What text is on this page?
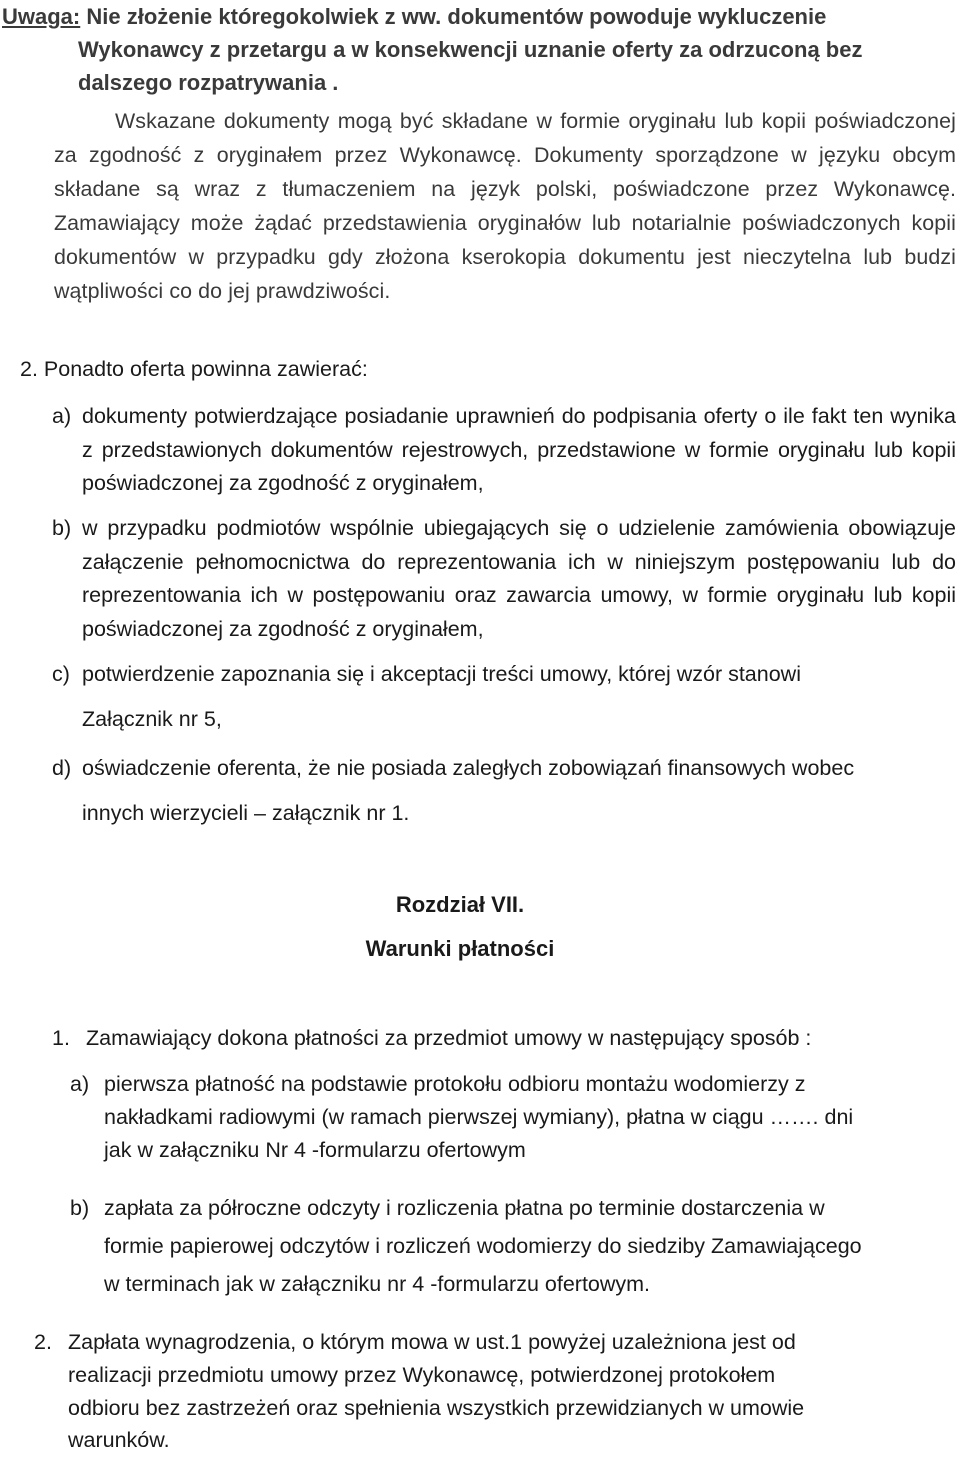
Uwaga: Nie złożenie któregokolwiek z ww. dokumentów powoduje wykluczenie
Wykonawcy z przetargu a w konsekwencji uznanie oferty za odrzuconą bez
dalszego rozpatrywania .
Wskazane dokumenty mogą być składane w formie oryginału lub kopii poświadczonej za zgodność z oryginałem przez Wykonawcę. Dokumenty sporządzone w języku obcym składane są wraz z tłumaczeniem na język polski, poświadczone przez Wykonawcę. Zamawiający może żądać przedstawienia oryginałów lub notarialnie poświadczonych kopii dokumentów w przypadku gdy złożona kserokopia dokumentu jest nieczytelna lub budzi wątpliwości co do jej prawdziwości.
2. Ponadto oferta powinna zawierać:
a) dokumenty potwierdzające posiadanie uprawnień do podpisania oferty o ile fakt ten wynika z przedstawionych dokumentów rejestrowych, przedstawione w formie oryginału lub kopii poświadczonej za zgodność z oryginałem,
b) w przypadku podmiotów wspólnie ubiegających się o udzielenie zamówienia obowiązuje załączenie pełnomocnictwa do reprezentowania ich w niniejszym postępowaniu lub do reprezentowania ich w postępowaniu oraz zawarcia umowy, w formie oryginału lub kopii poświadczonej za zgodność z oryginałem,
c) potwierdzenie zapoznania się i akceptacji treści umowy, której wzór stanowi
Załącznik nr 5,
d) oświadczenie oferenta, że nie posiada zaległych zobowiązań finansowych wobec
innych wierzycieli – załącznik nr 1.
Rozdział VII.
Warunki płatności
1. Zamawiający dokona płatności za przedmiot umowy w następujący sposób :
a) pierwsza płatność na podstawie protokołu odbioru montażu wodomierzy z
nakładkami radiowymi (w ramach pierwszej wymiany), płatna w ciągu ……. dni
jak w załączniku Nr 4 -formularzu ofertowym
b) zapłata za półroczne odczyty i rozliczenia płatna po terminie dostarczenia w
formie papierowej odczytów i rozliczeń wodomierzy do siedziby Zamawiającego
w terminach jak w załączniku nr 4 -formularzu ofertowym.
2. Zapłata wynagrodzenia, o którym mowa w ust.1 powyżej uzależniona jest od
realizacji przedmiotu umowy przez Wykonawcę, potwierdzonej protokołem
odbioru bez zastrzeżeń oraz spełnienia wszystkich przewidzianych w umowie
warunków.
